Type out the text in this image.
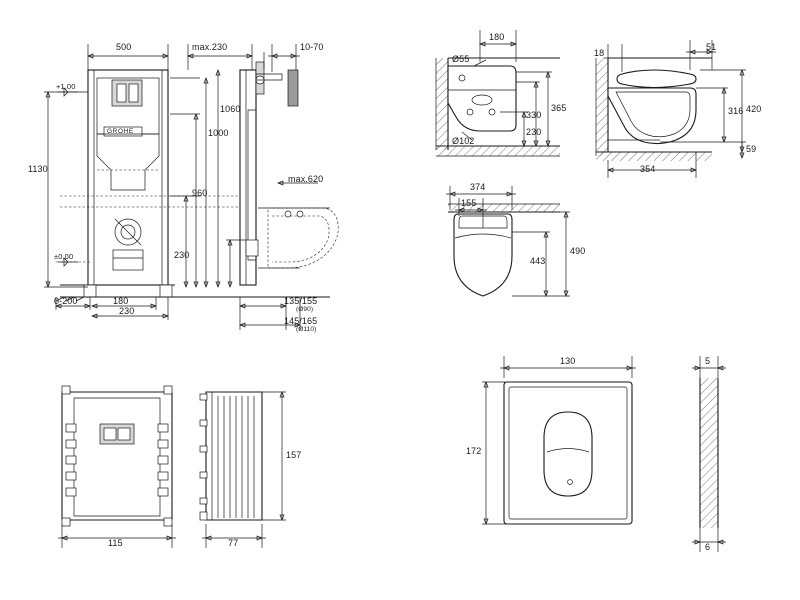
500	max.230	10-70
+1,00
1130
1060
1000
960
max.620
230
±0,00
0-200	180
230
135/155
(Ø90)
145/165
(Ø110)
GROHE
180
Ø55
Ø102
365
330
230
18
51
420
316
59
354
374
155
443
490
115	77
157
130
172
5
6
